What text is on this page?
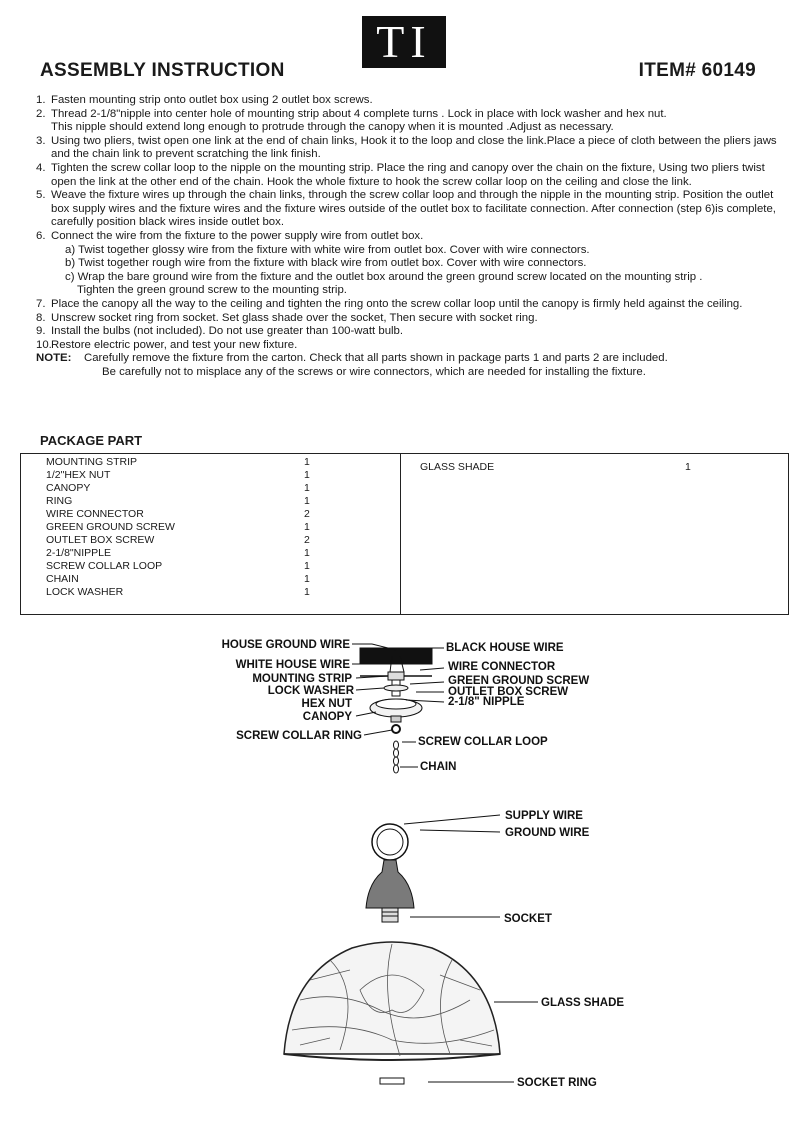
TI
ASSEMBLY INSTRUCTION	ITEM# 60149
1. Fasten mounting strip onto outlet box using 2 outlet box screws.
2. Thread 2-1/8"nipple into center hole of mounting strip about 4 complete turns . Lock in place with lock washer and hex nut.
This nipple should extend long enough to protrude through the canopy when it is mounted .Adjust as necessary.
3. Using two pliers, twist open one link at the end of chain links, Hook it to the loop and close the link.Place a piece of cloth between the pliers jaws and the chain link to prevent scratching the link finish.
4. Tighten the screw collar loop to the nipple on the mounting strip. Place the ring and canopy over the chain on the fixture, Using two pliers twist open the link at the other end of the chain. Hook the whole fixture to hook the screw collar loop on the ceiling and close the link.
5. Weave the fixture wires up through the chain links, through the screw collar loop and through the nipple in the mounting strip. Position the outlet box supply wires and the fixture wires and the fixture wires outside of the outlet box to facilitate connection. After connection (step 6)is complete, carefully position black wires inside outlet box.
6. Connect the wire from the fixture to the power supply wire from outlet box.
a) Twist together glossy wire from the fixture with white wire from outlet box. Cover with wire connectors.
b) Twist together rough wire from the fixture with black wire from outlet box. Cover with wire connectors.
c) Wrap the bare ground wire from the fixture and the outlet box around the green ground screw located on the mounting strip .
Tighten the green ground screw to the mounting strip.
7. Place the canopy all the way to the ceiling and tighten the ring onto the screw collar loop until the canopy is firmly held against the ceiling.
8. Unscrew socket ring from socket. Set glass shade over the socket, Then secure with socket ring.
9. Install the bulbs (not included). Do not use greater than 100-watt bulb.
10. Restore electric power, and test your new fixture.
NOTE:	Carefully remove the fixture from the carton. Check that all parts shown in package parts 1 and parts 2 are included.
Be carefully not to misplace any of the screws or wire connectors, which are needed for installing the fixture.
PACKAGE PART
MOUNTING STRIP	1
1/2"HEX NUT	1
CANOPY	1
RING	1
WIRE CONNECTOR	2
GREEN GROUND SCREW	1
OUTLET BOX SCREW	2
2-1/8"NIPPLE	1
SCREW COLLAR LOOP	1
CHAIN	1
LOCK WASHER	1
GLASS SHADE	1
HOUSE GROUND WIRE
WHITE HOUSE WIRE
MOUNTING STRIP
LOCK WASHER
HEX NUT
CANOPY
SCREW COLLAR RING
BLACK HOUSE WIRE
WIRE CONNECTOR
GREEN GROUND SCREW
OUTLET BOX SCREW
2-1/8" NIPPLE
SCREW COLLAR LOOP
CHAIN
SUPPLY WIRE
GROUND WIRE
SOCKET
GLASS SHADE
SOCKET RING
